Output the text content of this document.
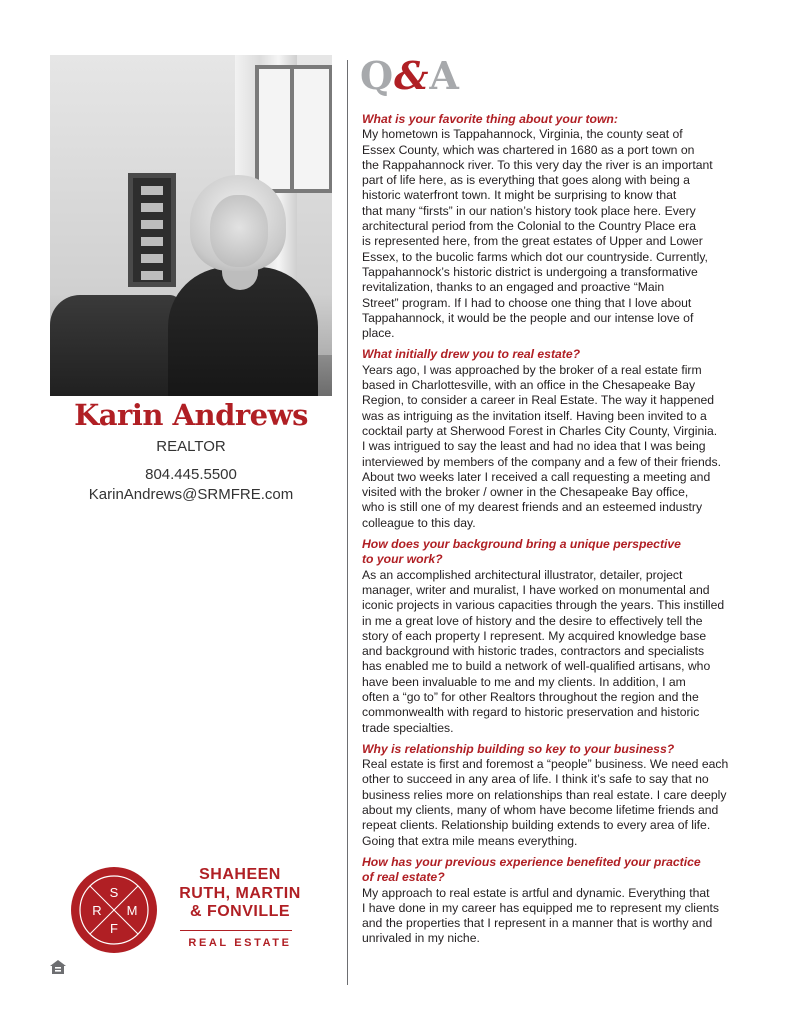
Karin Andrews
REALTOR
804.445.5500
KarinAndrews@SRMFRE.com
S
R M
F
SHAHEEN
RUTH, MARTIN
& FONVILLE
REAL ESTATE
Q&A

What is your favorite thing about your town:

My hometown is Tappahannock, Virginia, the county seat of
Essex County, which was chartered in 1680 as a port town on
the Rappahannock river. To this very day the river is an important
part of life here, as is everything that goes along with being a
historic waterfront town. It might be surprising to know that
that many “firsts” in our nation’s history took place here. Every
architectural period from the Colonial to the Country Place era
is represented here, from the great estates of Upper and Lower
Essex, to the bucolic farms which dot our countryside. Currently,
Tappahannock’s historic district is undergoing a transformative
revitalization, thanks to an engaged and proactive “Main
Street” program. If I had to choose one thing that I love about
Tappahannock, it would be the people and our intense love of
place.

What initially drew you to real estate?

Years ago, I was approached by the broker of a real estate firm
based in Charlottesville, with an office in the Chesapeake Bay
Region, to consider a career in Real Estate. The way it happened
was as intriguing as the invitation itself. Having been invited to a
cocktail party at Sherwood Forest in Charles City County, Virginia.
I was intrigued to say the least and had no idea that I was being
interviewed by members of the company and a few of their friends.
About two weeks later I received a call requesting a meeting and
visited with the broker / owner in the Chesapeake Bay office,
who is still one of my dearest friends and an esteemed industry
colleague to this day.

How does your background bring a unique perspective
to your work?

As an accomplished architectural illustrator, detailer, project
manager, writer and muralist, I have worked on monumental and
iconic projects in various capacities through the years. This instilled
in me a great love of history and the desire to effectively tell the
story of each property I represent. My acquired knowledge base
and background with historic trades, contractors and specialists
has enabled me to build a network of well-qualified artisans, who
have been invaluable to me and my clients. In addition, I am
often a “go to” for other Realtors throughout the region and the
commonwealth with regard to historic preservation and historic
trade specialties.

Why is relationship building so key to your business?

Real estate is first and foremost a “people” business. We need each
other to succeed in any area of life. I think it’s safe to say that no
business relies more on relationships than real estate. I care deeply
about my clients, many of whom have become lifetime friends and
repeat clients. Relationship building extends to every area of life.
Going that extra mile means everything.

How has your previous experience benefited your practice
of real estate?

My approach to real estate is artful and dynamic. Everything that
I have done in my career has equipped me to represent my clients
and the properties that I represent in a manner that is worthy and
unrivaled in my niche.
